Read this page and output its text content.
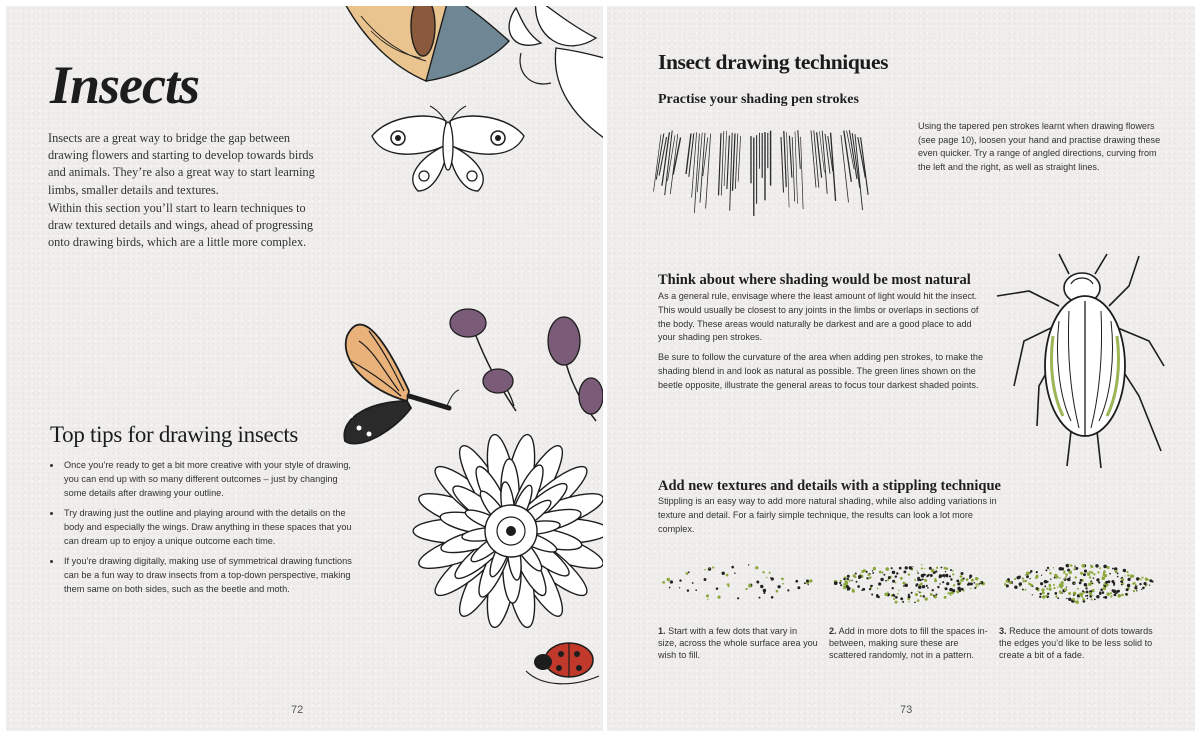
Insects

Insects are a great way to bridge the gap between drawing flowers and starting to develop towards birds and animals. They’re also a great way to start learning limbs, smaller details and textures.

Within this section you’ll start to learn techniques to draw textured details and wings, ahead of progressing onto drawing birds, which are a little more complex.

Top tips for drawing insects
• Once you’re ready to get a bit more creative with your style of drawing, you can end up with so many different outcomes – just by changing some details after drawing your outline.
• Try drawing just the outline and playing around with the details on the body and especially the wings. Draw anything in these spaces that you can dream up to enjoy a unique outcome each time.
• If you’re drawing digitally, making use of symmetrical drawing functions can be a fun way to draw insects from a top-down perspective, making them same on both sides, such as the beetle and moth.
72
Insect drawing techniques
Practise your shading pen strokes

Using the tapered pen strokes learnt when drawing flowers (see page 10), loosen your hand and practise drawing these even quicker. Try a range of angled directions, curving from the left and the right, as well as straight lines.

Think about where shading would be most natural

As a general rule, envisage where the least amount of light would hit the insect. This would usually be closest to any joints in the limbs or overlaps in sections of the body. These areas would naturally be darkest and are a good place to add your shading pen strokes.

Be sure to follow the curvature of the area when adding pen strokes, to make the shading blend in and look as natural as possible. The green lines shown on the beetle opposite, illustrate the general areas to focus tour darkest shaded points.

Add new textures and details with a stippling technique

Stippling is an easy way to add more natural shading, while also adding variations in texture and detail. For a fairly simple technique, the results can look a lot more complex.

1. Start with a few dots that vary in size, across the whole surface area you wish to fill.

2. Add in more dots to fill the spaces in-between, making sure these are scattered randomly, not in a pattern.

3. Reduce the amount of dots towards the edges you’d like to be less solid to create a bit of a fade.

73
